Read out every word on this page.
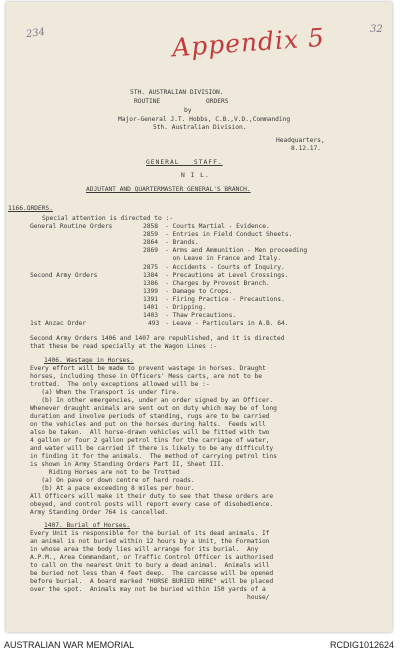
234	32
Appendix 5
5TH. AUSTRALIAN DIVISION.
ROUTINE	ORDERS
by
Major-General J.T. Hobbs, C.B.,V.D.,Commanding
5th. Australian Division.
Headquarters,
8.12.17.
GENERAL   STAFF.
N I L.
ADJUTANT AND QUARTERMASTER GENERAL'S BRANCH.
1166.ORDERS.
Special attention is directed to :-
General Routine Orders	2858 - Courts Martial - Evidence.
2859 - Entries in Field Conduct Sheets.
2864 - Brands.
2869 - Arms and Ammunition - Men proceeding
on Leave in France and Italy.
2875 - Accidents - Courts of Inquiry.
Second Army Orders	1384 - Precautions at Level Crossings.
1386 - Charges by Provost Branch.
1399 - Damage to Crops.
1391 - Firing Practice - Precautions.
1401 - Dripping.
1403 - Thaw Precautions.
1st Anzac Order	493 - Leave - Particulars in A.B. 64.
Second Army Orders 1406 and 1407 are republished, and it is directed
that these be read specially at the Wagon Lines :-
1406. Wastage in Horses.
Every effort will be made to prevent wastage in horses. Draught
horses, including those in Officers' Mess carts, are not to be
trotted.  The only exceptions allowed will be :-
(a) When the Transport is under fire.
(b) In other emergencies, under an order signed by an Officer.
Whenever draught animals are sent out on duty which may be of long
duration and involve periods of standing, rugs are to be carried
on the vehicles and put on the horses during halts.  Feeds will
also be taken.  All horse-drawn vehicles will be fitted with two
4 gallon or four 2 gallon petrol tins for the carriage of water,
and water will be carried if there is likely to be any difficulty
in finding it for the animals.  The method of carrying petrol tins
is shown in Army Standing Orders Part II, Sheet III.
Riding Horses are not to be Trotted
(a) On pave or down centre of hard roads.
(b) At a pace exceeding 8 miles per hour.
All Officers will make it their duty to see that these orders are
obeyed, and control posts will report every case of disobedience.
Army Standing Order 764 is cancelled.
1407. Burial of Horses.
Every Unit is responsible for the burial of its dead animals. If
an animal is not buried within 12 hours by a Unit, the Formation
in whose area the body lies will arrange for its burial.  Any
A.P.M., Area Commandant, or Traffic Control Officer is authorised
to call on the nearest Unit to bury a dead animal.  Animals will
be buried not less than 4 feet deep.  The carcasse will be opened
before burial.  A board marked "HORSE BURIED HERE" will be placed
over the spot.  Animals may not be buried within 150 yards of a
house/
AUSTRALIAN WAR MEMORIAL	RCDIG1012624
